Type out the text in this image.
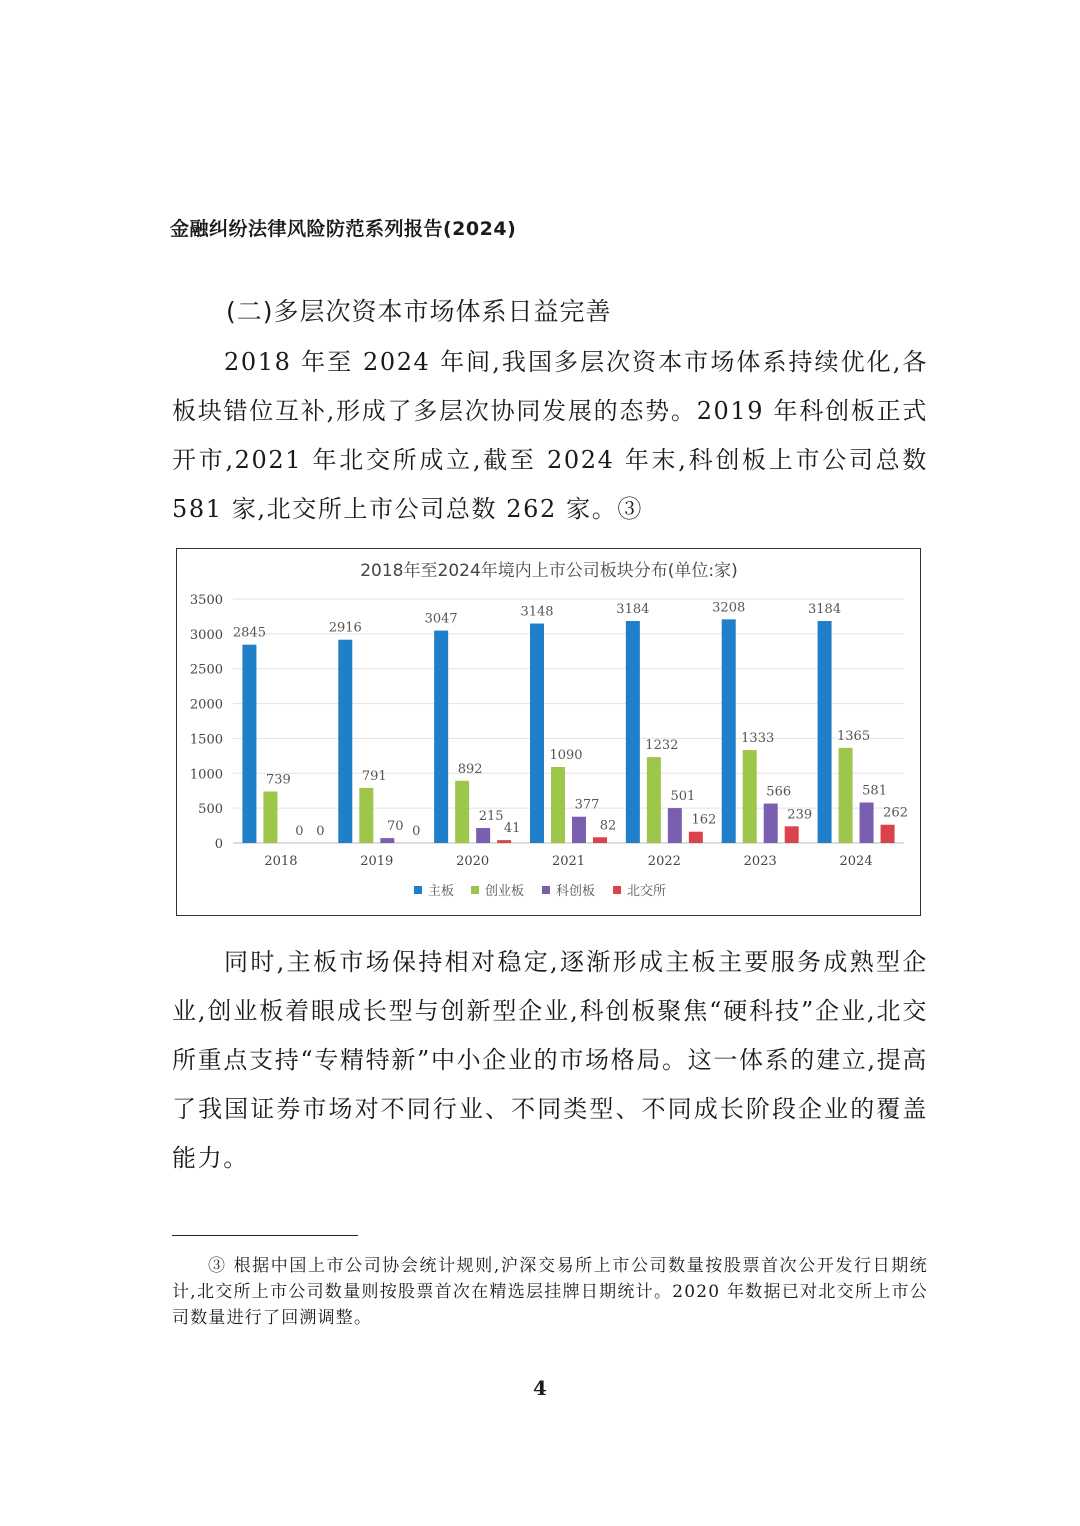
金融纠纷法律风险防范系列报告(2024)
(二)多层次资本市场体系日益完善

2018 年至 2024 年间,我国多层次资本市场体系持续优化,各板块错位互补,形成了多层次协同发展的态势。2019 年科创板正式开市,2021 年北交所成立,截至 2024 年末,科创板上市公司总数 581 家,北交所上市公司总数 262 家。③

2018年至2024年境内上市公司板块分布(单位:家)
0
500
1000
1500
2000
2500
3000
3500
2845
739
0 0
2018
2916
791
70 0
2019
3047
892
215
41
2020
3148
1090
377
82
2021
3184
1232
501
162
2022
3208
1333
566
239
2023
3184
1365
581
262
2024
主板 创业板 科创板 北交所

同时,主板市场保持相对稳定,逐渐形成主板主要服务成熟型企业,创业板着眼成长型与创新型企业,科创板聚焦“硬科技”企业,北交所重点支持“专精特新”中小企业的市场格局。这一体系的建立,提高了我国证券市场对不同行业、不同类型、不同成长阶段企业的覆盖能力。

③ 根据中国上市公司协会统计规则,沪深交易所上市公司数量按股票首次公开发行日期统计,北交所上市公司数量则按股票首次在精选层挂牌日期统计。2020 年数据已对北交所上市公司数量进行了回溯调整。

4
